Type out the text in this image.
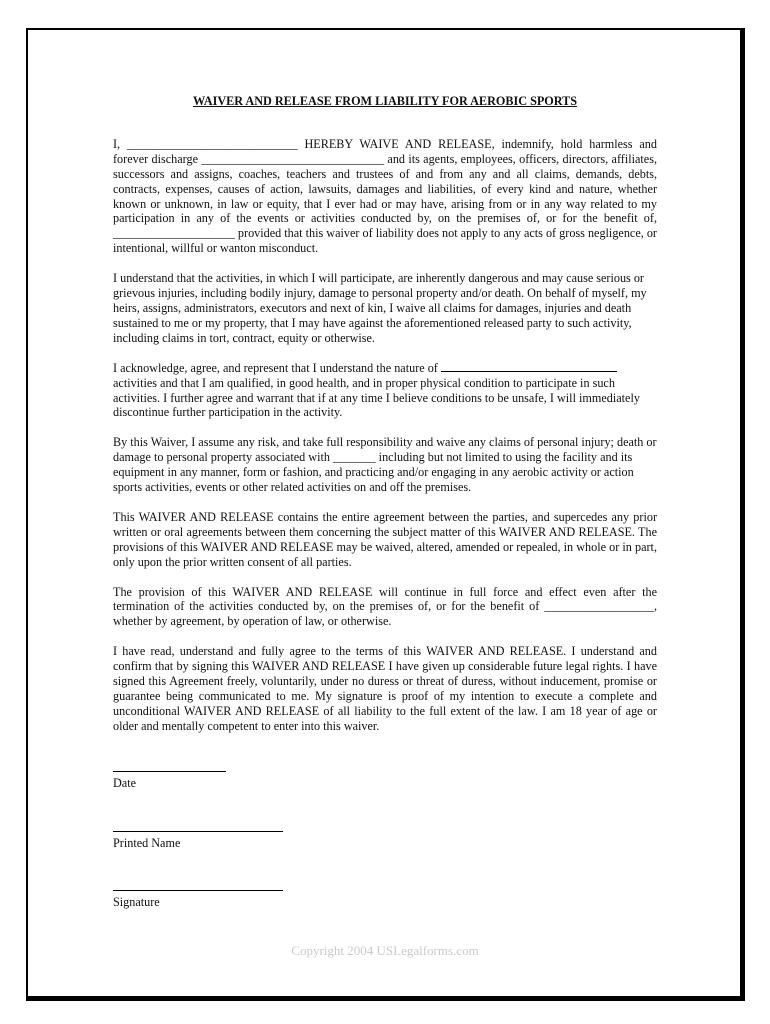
WAIVER AND RELEASE FROM LIABILITY FOR AEROBIC SPORTS

I, ____________________________ HEREBY WAIVE AND RELEASE, indemnify, hold harmless and forever discharge ______________________________ and its agents, employees, officers, directors, affiliates, successors and assigns, coaches, teachers and trustees of and from any and all claims, demands, debts, contracts, expenses, causes of action, lawsuits, damages and liabilities, of every kind and nature, whether known or unknown, in law or equity, that I ever had or may have, arising from or in any way related to my participation in any of the events or activities conducted by, on the premises of, or for the benefit of, ____________________ provided that this waiver of liability does not apply to any acts of gross negligence, or intentional, willful or wanton misconduct.

I understand that the activities, in which I will participate, are inherently dangerous and may cause serious or grievous injuries, including bodily injury, damage to personal property and/or death. On behalf of myself, my heirs, assigns, administrators, executors and next of kin, I waive all claims for damages, injuries and death sustained to me or my property, that I may have against the aforementioned released party to such activity, including claims in tort, contract, equity or otherwise.

I acknowledge, agree, and represent that I understand the nature of  activities and that I am qualified, in good health, and in proper physical condition to participate in such activities. I further agree and warrant that if at any time I believe conditions to be unsafe, I will immediately discontinue further participation in the activity.

By this Waiver, I assume any risk, and take full responsibility and waive any claims of personal injury; death or damage to personal property associated with _______ including but not limited to using the facility and its equipment in any manner, form or fashion, and practicing and/or engaging in any aerobic activity or action sports activities, events or other related activities on and off the premises.

This WAIVER AND RELEASE contains the entire agreement between the parties, and supercedes any prior written or oral agreements between them concerning the subject matter of this WAIVER AND RELEASE. The provisions of this WAIVER AND RELEASE may be waived, altered, amended or repealed, in whole or in part, only upon the prior written consent of all parties.

The provision of this WAIVER AND RELEASE will continue in full force and effect even after the termination of the activities conducted by, on the premises of, or for the benefit of __________________, whether by agreement, by operation of law, or otherwise.

I have read, understand and fully agree to the terms of this WAIVER AND RELEASE. I understand and confirm that by signing this WAIVER AND RELEASE I have given up considerable future legal rights. I have signed this Agreement freely, voluntarily, under no duress or threat of duress, without inducement, promise or guarantee being communicated to me. My signature is proof of my intention to execute a complete and unconditional WAIVER AND RELEASE of all liability to the full extent of the law. I am 18 year of age or older and mentally competent to enter into this waiver.

Date
Printed Name
Signature
Copyright 2004 USLegalforms.com
